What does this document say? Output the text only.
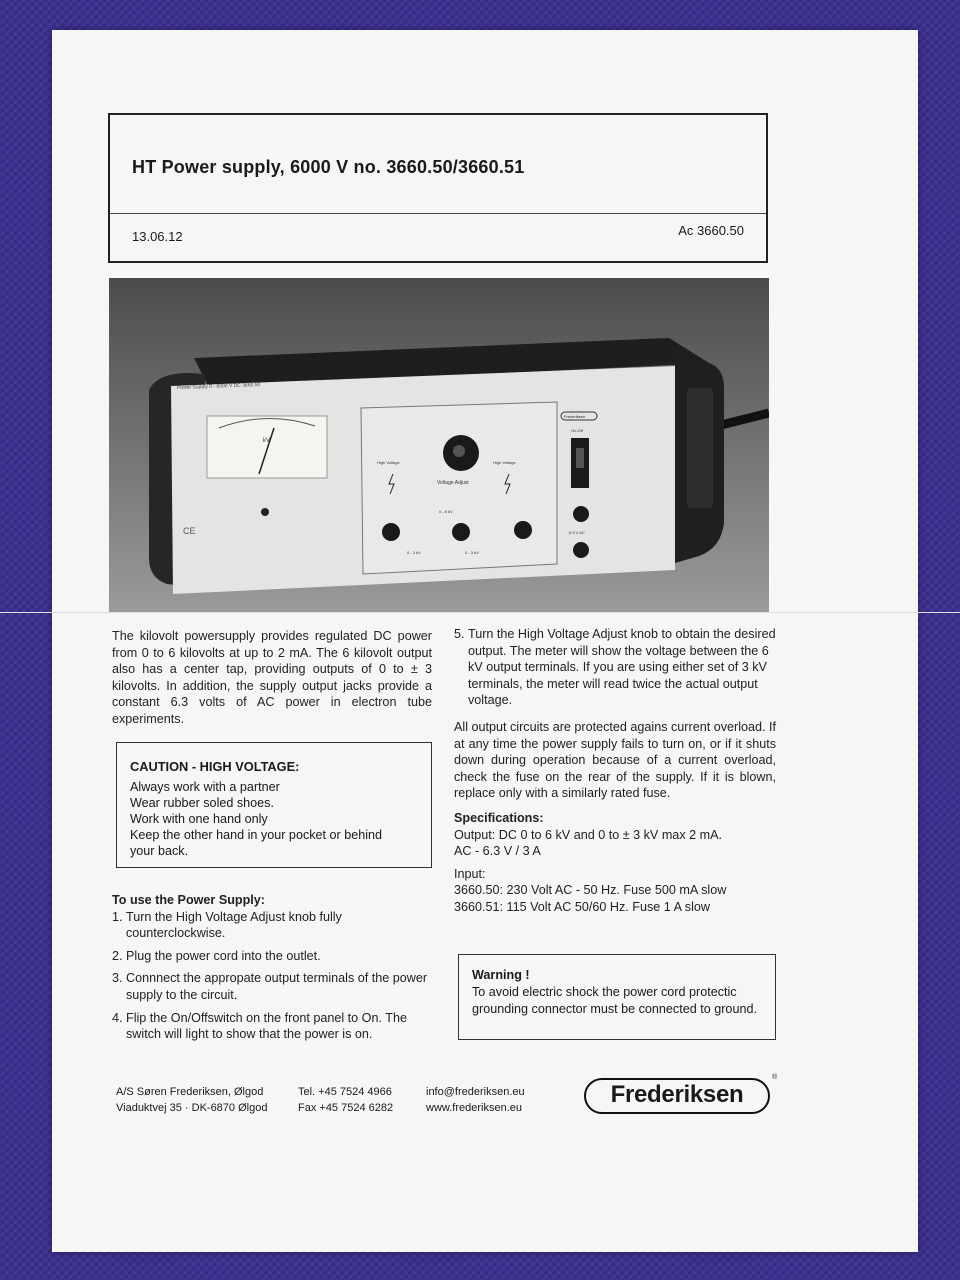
HT Power supply, 6000 V no. 3660.50/3660.51
13.06.12	Ac 3660.50
kV
CE
Power Supply 0 - 6000 V DC 3660.50
Voltage Adjust
High Voltage	High Voltage
0 - 6 kV
0 - 3 kV	0 - 3 kV
Frederiksen
On-Off
6.3 V AC

The kilovolt powersupply provides regulated DC power from 0 to 6 kilovolts at up to 2 mA. The 6 kilovolt output also has a center tap, providing outputs of 0 to ± 3 kilovolts. In addition, the supply output jacks provide a constant 6.3 volts of AC power in electron tube experiments.

CAUTION - HIGH VOLTAGE:
Always work with a partner
Wear rubber soled shoes.
Work with one hand only
Keep the other hand in your pocket or behind
your back.
To use the Power Supply:
1. Turn the High Voltage Adjust knob fully counterclockwise.
2. Plug the power cord into the outlet.
3. Connnect the appropate output terminals of the power supply to the circuit.
4. Flip the On/Offswitch on the front panel to On. The switch will light to show that the power is on.
5. Turn the High Voltage Adjust knob to obtain the desired output. The meter will show the voltage between the 6 kV output terminals. If you are using either set of 3 kV terminals, the meter will read twice the actual output voltage.

All output circuits are protected agains current overload. If at any time the power supply fails to turn on, or if it shuts down during operation because of a current overload, check the fuse on the rear of the supply. If it is blown, replace only with a similarly rated fuse.

Specifications:

Output: DC 0 to 6 kV and 0 to ± 3 kV max 2 mA.

AC - 6.3 V / 3 A

Input:

3660.50: 230 Volt AC - 50 Hz. Fuse 500 mA slow

3660.51: 115 Volt AC 50/60 Hz. Fuse 1 A slow

Warning !
To avoid electric shock the power cord protectic grounding connector must be connected to ground.
A/S Søren Frederiksen, Ølgod
Viaduktvej 35 · DK-6870 Ølgod
Tel. +45 7524 4966
Fax +45 7524 6282
info@frederiksen.eu
www.frederiksen.eu	Frederiksen
®
